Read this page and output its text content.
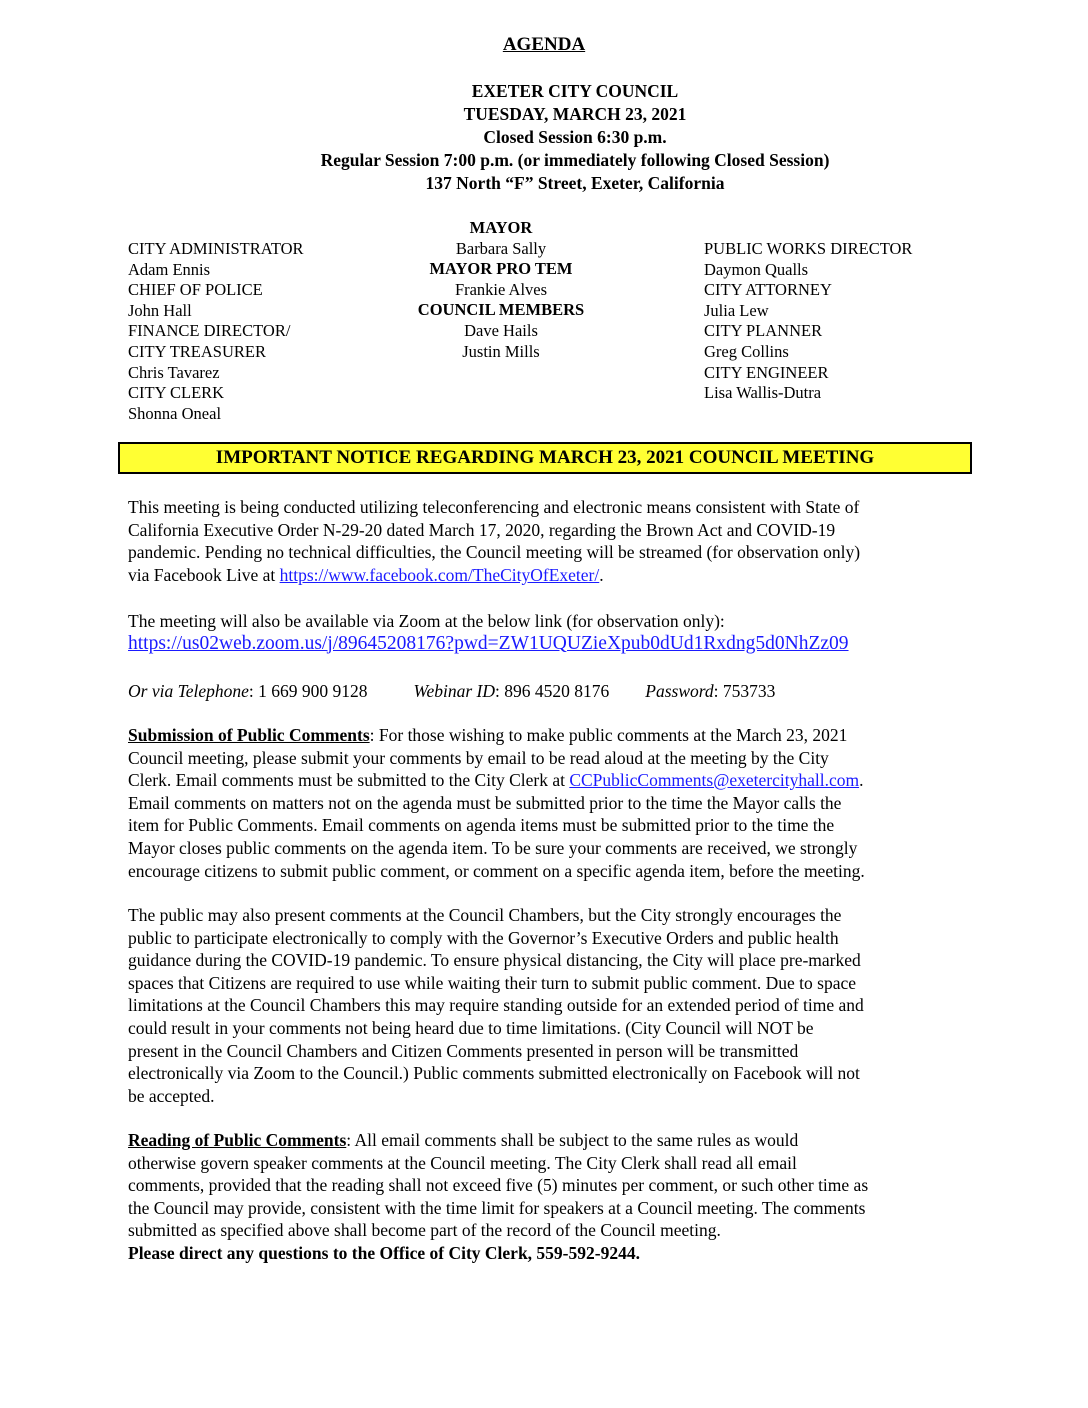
AGENDA
EXETER CITY COUNCIL
TUESDAY, MARCH 23, 2021
Closed Session 6:30 p.m.
Regular Session 7:00 p.m. (or immediately following Closed Session)
137 North “F” Street, Exeter, California
CITY ADMINISTRATOR
Adam Ennis
CHIEF OF POLICE
John Hall
FINANCE DIRECTOR/
CITY TREASURER
Chris Tavarez
CITY CLERK
Shonna Oneal
MAYOR
Barbara Sally
MAYOR PRO TEM
Frankie Alves
COUNCIL MEMBERS
Dave Hails
Justin Mills
PUBLIC WORKS DIRECTOR
Daymon Qualls
CITY ATTORNEY
Julia Lew
CITY PLANNER
Greg Collins
CITY ENGINEER
Lisa Wallis-Dutra
IMPORTANT NOTICE REGARDING MARCH 23, 2021 COUNCIL MEETING
This meeting is being conducted utilizing teleconferencing and electronic means consistent with State of
California Executive Order N-29-20 dated March 17, 2020, regarding the Brown Act and COVID-19
pandemic. Pending no technical difficulties, the Council meeting will be streamed (for observation only)
via Facebook Live at https://www.facebook.com/TheCityOfExeter/.
The meeting will also be available via Zoom at the below link (for observation only):
https://us02web.zoom.us/j/89645208176?pwd=ZW1UQUZieXpub0dUd1Rxdng5d0NhZz09
Or via Telephone: 1 669 900 9128	Webinar ID: 896 4520 8176 Password: 753733
Submission of Public Comments: For those wishing to make public comments at the March 23, 2021
Council meeting, please submit your comments by email to be read aloud at the meeting by the City
Clerk. Email comments must be submitted to the City Clerk at CCPublicComments@exetercityhall.com.
Email comments on matters not on the agenda must be submitted prior to the time the Mayor calls the
item for Public Comments. Email comments on agenda items must be submitted prior to the time the
Mayor closes public comments on the agenda item. To be sure your comments are received, we strongly
encourage citizens to submit public comment, or comment on a specific agenda item, before the meeting.
The public may also present comments at the Council Chambers, but the City strongly encourages the
public to participate electronically to comply with the Governor’s Executive Orders and public health
guidance during the COVID-19 pandemic. To ensure physical distancing, the City will place pre-marked
spaces that Citizens are required to use while waiting their turn to submit public comment. Due to space
limitations at the Council Chambers this may require standing outside for an extended period of time and
could result in your comments not being heard due to time limitations. (City Council will NOT be
present in the Council Chambers and Citizen Comments presented in person will be transmitted
electronically via Zoom to the Council.) Public comments submitted electronically on Facebook will not
be accepted.
Reading of Public Comments: All email comments shall be subject to the same rules as would
otherwise govern speaker comments at the Council meeting. The City Clerk shall read all email
comments, provided that the reading shall not exceed five (5) minutes per comment, or such other time as
the Council may provide, consistent with the time limit for speakers at a Council meeting. The comments
submitted as specified above shall become part of the record of the Council meeting.
Please direct any questions to the Office of City Clerk, 559-592-9244.
